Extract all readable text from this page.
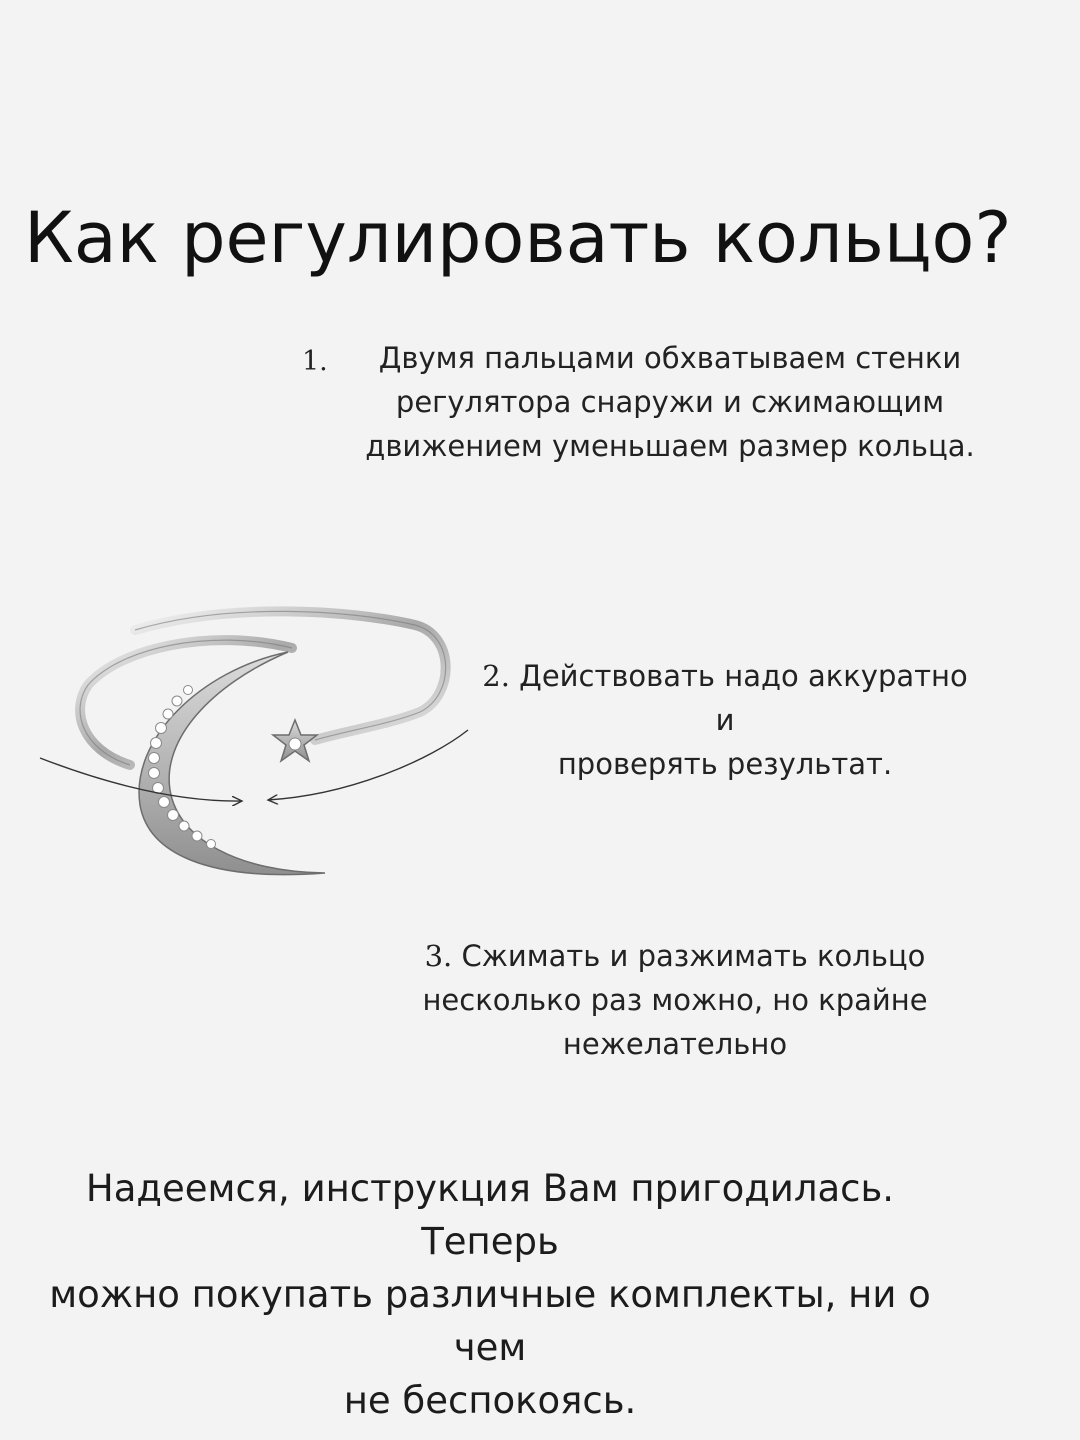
Как регулировать кольцо?
1.	Двумя пальцами обхватываем стенки
регулятора снаружи и сжимающим
движением уменьшаем размер кольца.
2. Действовать надо аккуратно и
проверять результат.
3. Сжимать и разжимать кольцо
несколько раз можно, но крайне
нежелательно
Надеемся, инструкция Вам пригодилась. Теперь
можно покупать различные комплекты, ни о чем
не беспокоясь.
